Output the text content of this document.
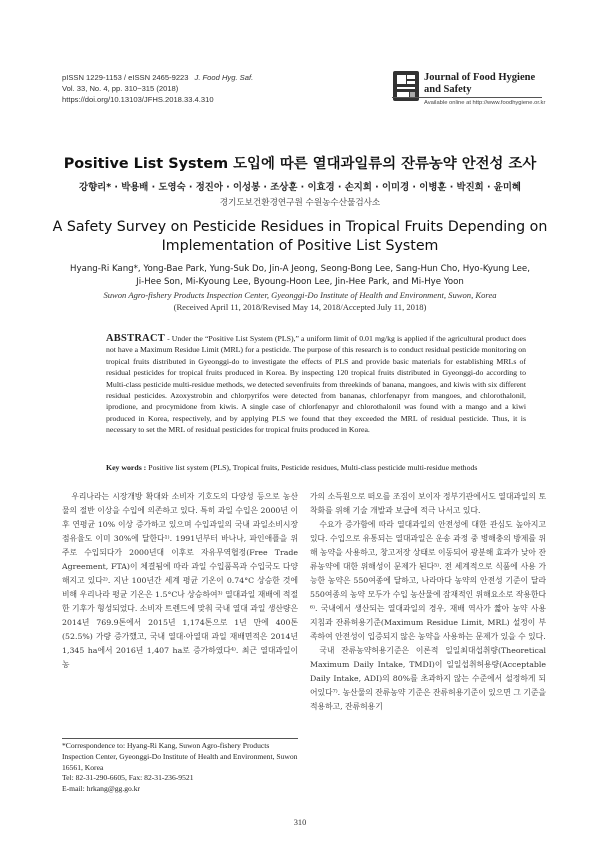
pISSN 1229-1153 / eISSN 2465-9223 J. Food Hyg. Saf.
Vol. 33, No. 4, pp. 310~315 (2018)
https://doi.org/10.13103/JFHS.2018.33.4.310
Journal of Food Hygiene
and Safety
Available online at http://www.foodhygiene.or.kr
Positive List System 도입에 따른 열대과일류의 잔류농약 안전성 조사
강향리* · 박용배 · 도영숙 · 정진아 · 이성봉 · 조상훈 · 이효경 · 손지희 · 이미경 · 이병훈 · 박진희 · 윤미혜
경기도보건환경연구원 수원농수산물검사소
A Safety Survey on Pesticide Residues in Tropical Fruits Depending on
Implementation of Positive List System
Hyang-Ri Kang*, Yong-Bae Park, Yung-Suk Do, Jin-A Jeong, Seong-Bong Lee, Sang-Hun Cho, Hyo-Kyung Lee,
Ji-Hee Son, Mi-Kyoung Lee, Byoung-Hoon Lee, Jin-Hee Park, and Mi-Hye Yoon
Suwon Agro-fishery Products Inspection Center, Gyeonggi-Do Institute of Health and Environment, Suwon, Korea
(Received April 11, 2018/Revised May 14, 2018/Accepted July 11, 2018)
ABSTRACT - Under the “Positive List System (PLS),” a uniform limit of 0.01 mg/kg is applied if the agricultural product does not have a Maximum Residue Limit (MRL) for a pesticide. The purpose of this research is to conduct residual pesticide monitoring on tropical fruits distributed in Gyeonggi-do to investigate the effects of PLS and provide basic materials for establishing MRLs of residual pesticides for tropical fruits produced in Korea. By inspecting 120 tropical fruits distributed in Gyeonggi-do according to Multi-class pesticide multi-residue methods, we detected sevenfruits from threekinds of banana, mangoes, and kiwis with six different residual pesticides. Azoxystrobin and chlorpyrifos were detected from bananas, chlorfenapyr from mangoes, and chlorothalonil, iprodione, and procymidone from kiwis. A single case of chlorfenapyr and chlorothalonil was found with a mango and a kiwi produced in Korea, respectively, and by applying PLS we found that they exceeded the MRL of residual pesticide. Thus, it is necessary to set the MRL of residual pesticides for tropical fruits produced in Korea.
Key words : Positive list system (PLS), Tropical fruits, Pesticide residues, Multi-class pesticide multi-residue methods

우리나라는 시장개방 확대와 소비자 기호도의 다양성 등으로 농산물의 절반 이상을 수입에 의존하고 있다. 특히 과일 수입은 2000년 이후 연평균 10% 이상 증가하고 있으며 수입과일의 국내 과일소비시장 점유율도 이미 30%에 달한다¹⁾. 1991년부터 바나나, 파인애플을 위주로 수입되다가 2000년대 이후로 자유무역협정(Free Trade Agreement, FTA)이 체결됨에 따라 과일 수입품목과 수입국도 다양해지고 있다²⁾. 지난 100년간 세계 평균 기온이 0.74°C 상승한 것에 비해 우리나라 평균 기온은 1.5°C나 상승하여³⁾ 열대과일 재배에 적절한 기후가 형성되었다. 소비자 트렌드에 맞춰 국내 열대 과일 생산량은 2014년 769.9톤에서 2015년 1,174톤으로 1년 만에 400톤(52.5%) 가량 증가했고, 국내 열대·아열대 과일 재배면적은 2014년 1,345 ha에서 2016년 1,407 ha로 증가하였다⁴⁾. 최근 열대과일이 농

가의 소득원으로 떠오를 조짐이 보이자 정부기관에서도 열대과일의 토착화를 위해 기술 개발과 보급에 적극 나서고 있다.

수요가 증가함에 따라 열대과일의 안전성에 대한 관심도 높아지고 있다. 수입으로 유통되는 열대과일은 운송 과정 중 병해충의 방제를 위해 농약을 사용하고, 창고저장 상태로 이동되어 광분해 효과가 낮아 잔류농약에 대한 위해성이 문제가 된다⁵⁾. 전 세계적으로 식품에 사용 가능한 농약은 550여종에 달하고, 나라마다 농약의 안전성 기준이 달라 550여종의 농약 모두가 수입 농산물에 잠재적인 위해요소로 작용한다⁶⁾. 국내에서 생산되는 열대과일의 경우, 재배 역사가 짧아 농약 사용 지침과 잔류허용기준(Maximum Residue Limit, MRL) 설정이 부족하여 안전성이 입증되지 않은 농약을 사용하는 문제가 있을 수 있다.

국내 잔류농약허용기준은 이론적 일일최대섭취량(Theoretical Maximum Daily Intake, TMDI)이 일일섭취허용량(Acceptable Daily Intake, ADI)의 80%를 초과하지 않는 수준에서 설정하게 되어있다⁷⁾. 농산물의 잔류농약 기준은 잔류허용기준이 있으면 그 기준을 적용하고, 잔류허용기

*Correspondence to: Hyang-Ri Kang, Suwon Agro-fishery Products Inspection Center, Gyeonggi-Do Institute of Health and Environment, Suwon 16561, Korea

Tel: 82-31-290-6605, Fax: 82-31-236-9521

E-mail: hrkang@gg.go.kr

310
